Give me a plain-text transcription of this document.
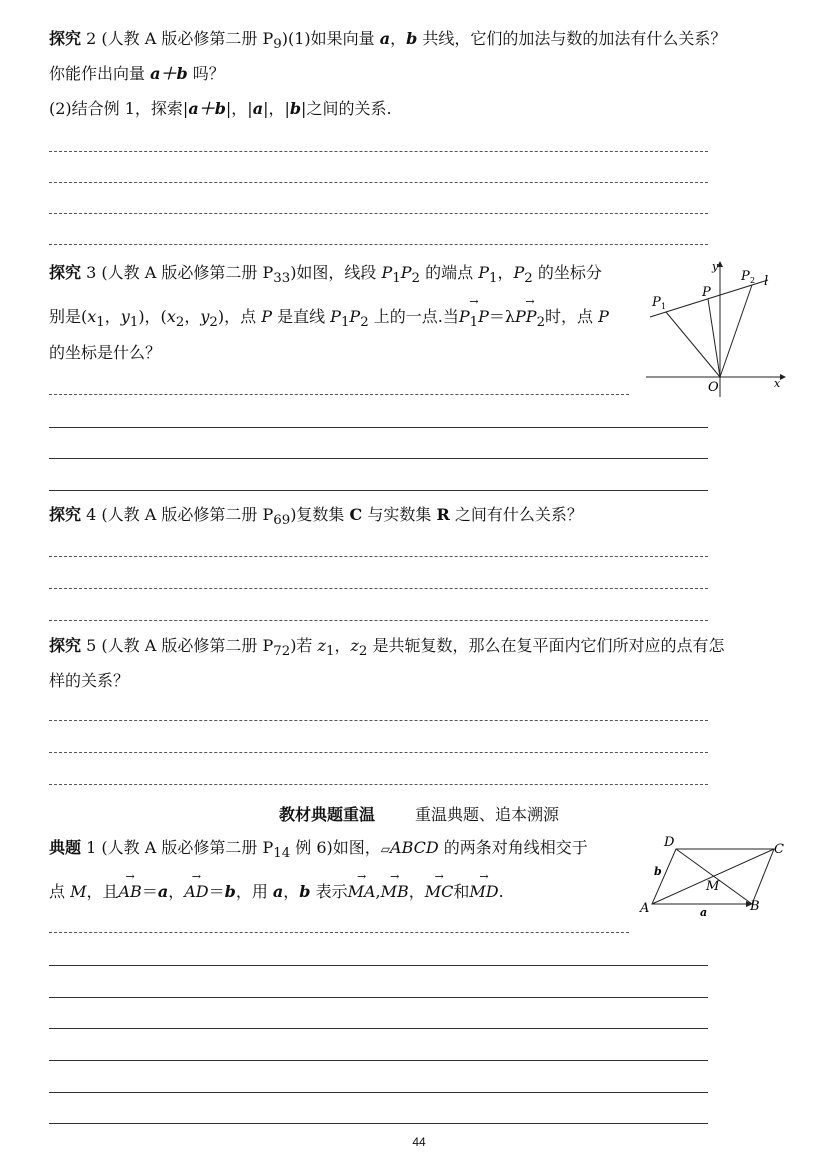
探究 2 (人教 A 版必修第二册 $P_9)(1)$如果向量 a，b 共线，它们的加法与数的加法有什么关系？
你能作出向量 a＋b 吗？
(2)结合例 1，探索|a＋b|，|a|，|b|之间的关系.
探究 3 (人教 A 版必修第二册 $P_{33}$)如图，线段 $P_1P_2$ 的端点 $P_1$，$P_2$ 的坐标分
别是($x_1$，$y_1$)，($x_2$，$y_2$)，点 P 是直线 $P_1P_2$ 上的一点.当→ $P_1P=\lambda\to PP_2$时，点 P
的坐标是什么？
y
x
O
P
P 1
P 2 l
探究 4 (人教 A 版必修第二册 $P_{69}$)复数集 C 与实数集 R 之间有什么关系？
探究 5 (人教 A 版必修第二册 $P_{72}$)若 $z_1$，$z_2$ 是共轭复数，那么在复平面内它们所对应的点有怎
样的关系？
教材典题重温	重温典题、追本溯源
典题 1 (人教 A 版必修第二册 $P_{14}$ 例 6)如图，▱ABCD 的两条对角线相交于
点 M，且→ AB＝a，→ AD＝b，用 a，b 表示→ MA,→ MB，→ MC和→ MD.
A	B
C
D
M
a
b
44
